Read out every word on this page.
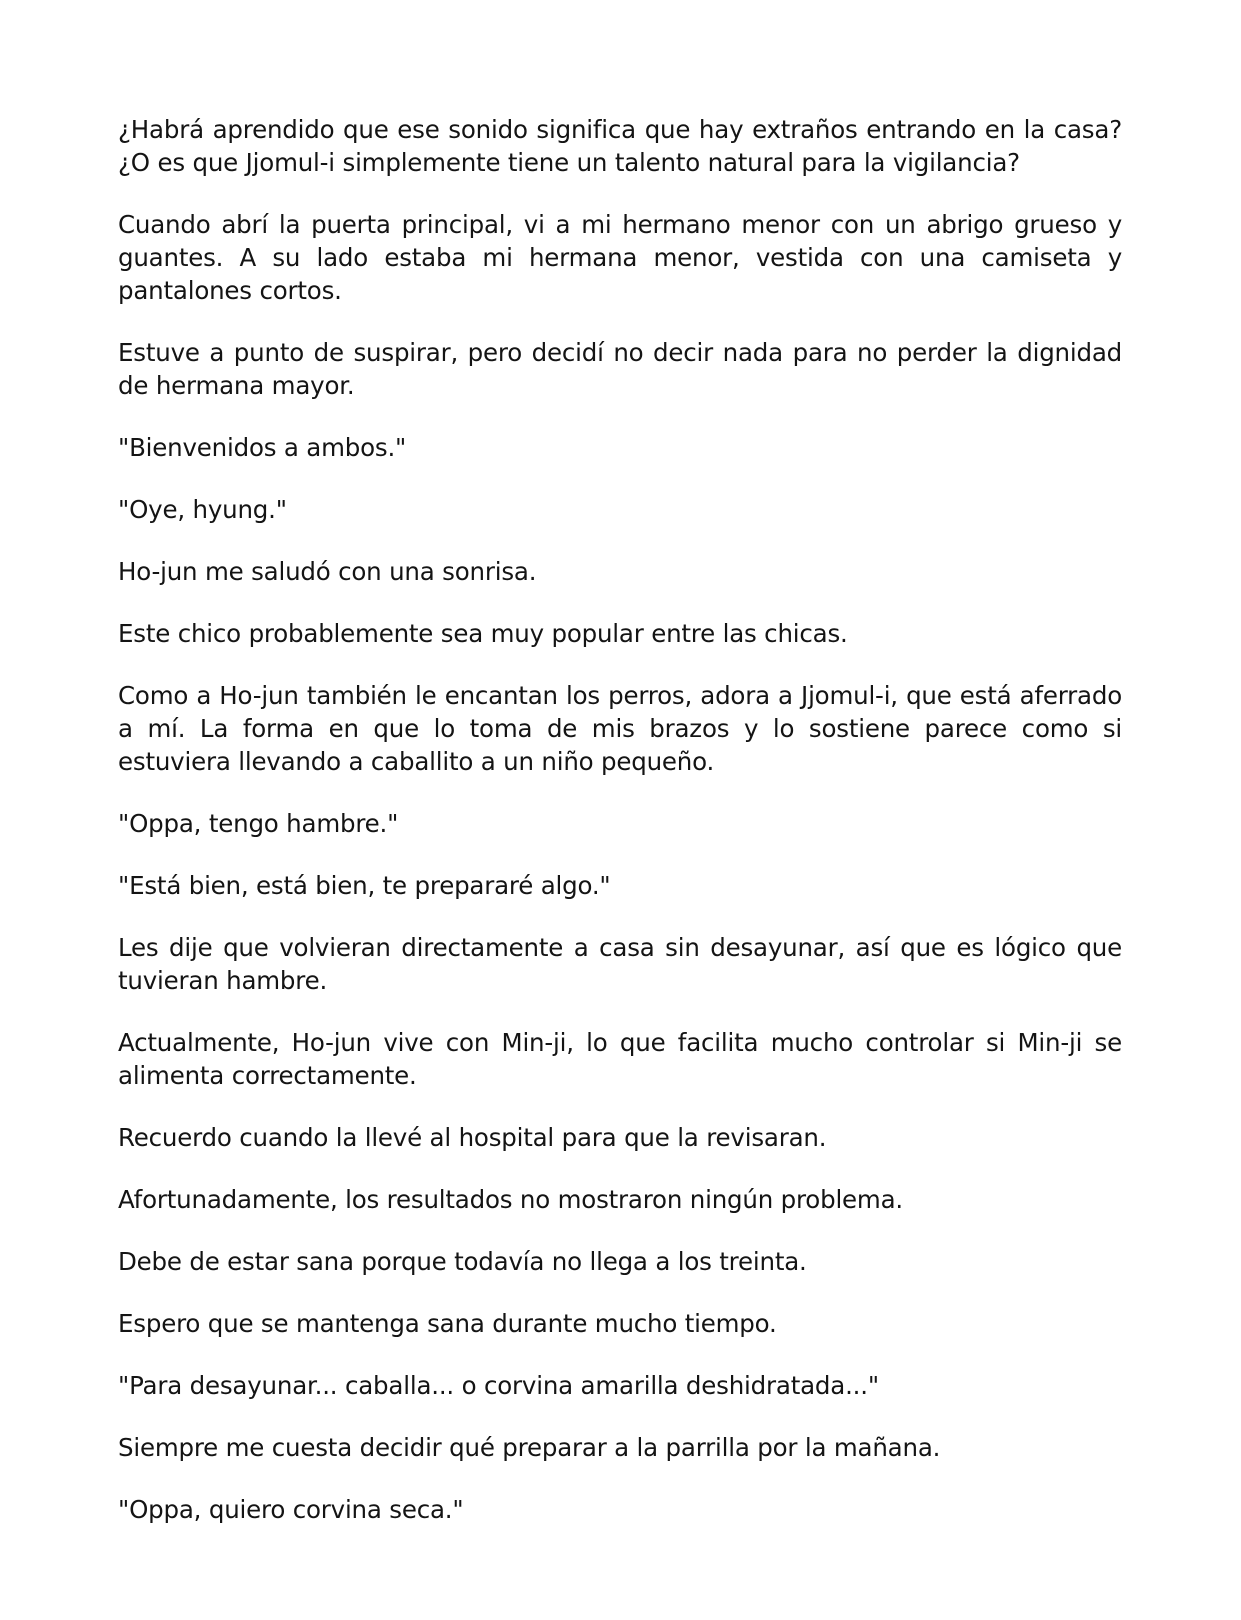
¿Habrá aprendido que ese sonido significa que hay extraños entrando en la casa? ¿O es que Jjomul-i simplemente tiene un talento natural para la vigilancia?

Cuando abrí la puerta principal, vi a mi hermano menor con un abrigo grueso y guantes. A su lado estaba mi hermana menor, vestida con una camiseta y pantalones cortos.

Estuve a punto de suspirar, pero decidí no decir nada para no perder la dignidad de hermana mayor.

"Bienvenidos a ambos."

"Oye, hyung."

Ho-jun me saludó con una sonrisa.

Este chico probablemente sea muy popular entre las chicas.

Como a Ho-jun también le encantan los perros, adora a Jjomul-i, que está aferrado a mí. La forma en que lo toma de mis brazos y lo sostiene parece como si estuviera llevando a caballito a un niño pequeño.

"Oppa, tengo hambre."

"Está bien, está bien, te prepararé algo."

Les dije que volvieran directamente a casa sin desayunar, así que es lógico que tuvieran hambre.

Actualmente, Ho-jun vive con Min-ji, lo que facilita mucho controlar si Min-ji se alimenta correctamente.

Recuerdo cuando la llevé al hospital para que la revisaran.

Afortunadamente, los resultados no mostraron ningún problema.

Debe de estar sana porque todavía no llega a los treinta.

Espero que se mantenga sana durante mucho tiempo.

"Para desayunar... caballa... o corvina amarilla deshidratada..."

Siempre me cuesta decidir qué preparar a la parrilla por la mañana.

"Oppa, quiero corvina seca."
